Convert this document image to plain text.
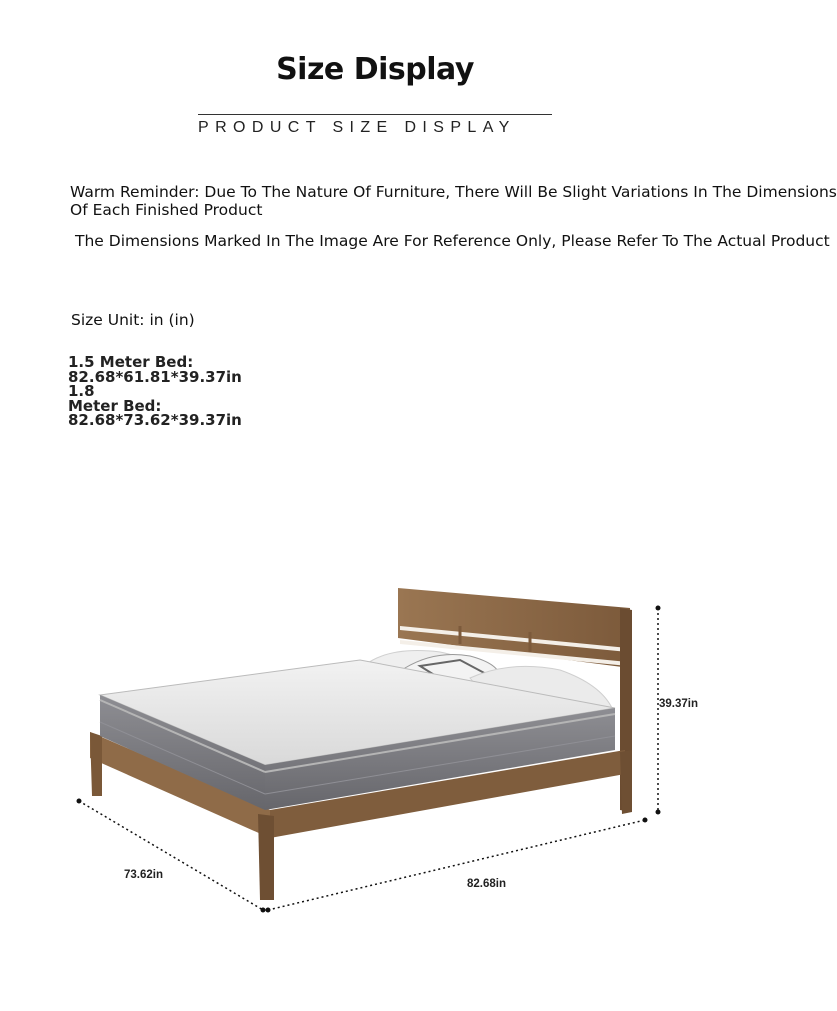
Size Display
PRODUCT SIZE DISPLAY
Warm Reminder: Due To The Nature Of Furniture, There Will Be Slight Variations In The Dimensions
Of Each Finished Product
The Dimensions Marked In The Image Are For Reference Only, Please Refer To The Actual Product
Size Unit: in (in)
1.5 Meter Bed:
82.68*61.81*39.37in 1.8
Meter Bed:
82.68*73.62*39.37in
39.37in
73.62in
82.68in
